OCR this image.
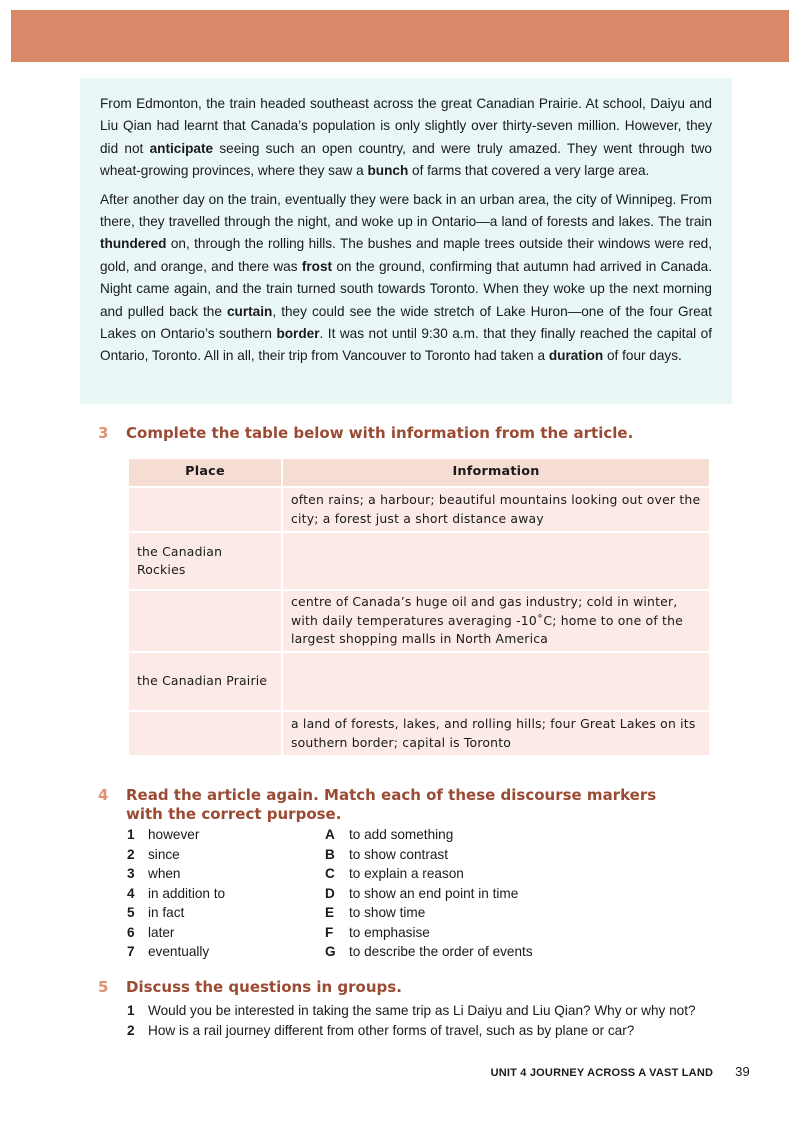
From Edmonton, the train headed southeast across the great Canadian Prairie. At school, Daiyu and Liu Qian had learnt that Canada’s population is only slightly over thirty-seven million. However, they did not anticipate seeing such an open country, and were truly amazed. They went through two wheat-growing provinces, where they saw a bunch of farms that covered a very large area.

After another day on the train, eventually they were back in an urban area, the city of Winnipeg. From there, they travelled through the night, and woke up in Ontario—a land of forests and lakes. The train thundered on, through the rolling hills. The bushes and maple trees outside their windows were red, gold, and orange, and there was frost on the ground, confirming that autumn had arrived in Canada. Night came again, and the train turned south towards Toronto. When they woke up the next morning and pulled back the curtain, they could see the wide stretch of Lake Huron—one of the four Great Lakes on Ontario’s southern border. It was not until 9:30 a.m. that they finally reached the capital of Ontario, Toronto. All in all, their trip from Vancouver to Toronto had taken a duration of four days.

3	Complete the table below with information from the article.
Place	Information
	often rains; a harbour; beautiful mountains looking out over the city; a forest just a short distance away
the Canadian Rockies	
	centre of Canada’s huge oil and gas industry; cold in winter, with daily temperatures averaging -10˚C; home to one of the largest shopping malls in North America
the Canadian Prairie	
	a land of forests, lakes, and rolling hills; four Great Lakes on its southern border; capital is Toronto
4	Read the article again. Match each of these discourse markers with the correct purpose.
1 however	A	to add something
2 since	B	to show contrast
3 when	C	to explain a reason
4 in addition to	D	to show an end point in time
5 in fact	E	to show time
6 later	F	to emphasise
7 eventually	G to describe the order of events
5	Discuss the questions in groups.
1 Would you be interested in taking the same trip as Li Daiyu and Liu Qian? Why or why not?
2 How is a rail journey different from other forms of travel, such as by plane or car?
UNIT 4 JOURNEY ACROSS A VAST LAND 39
